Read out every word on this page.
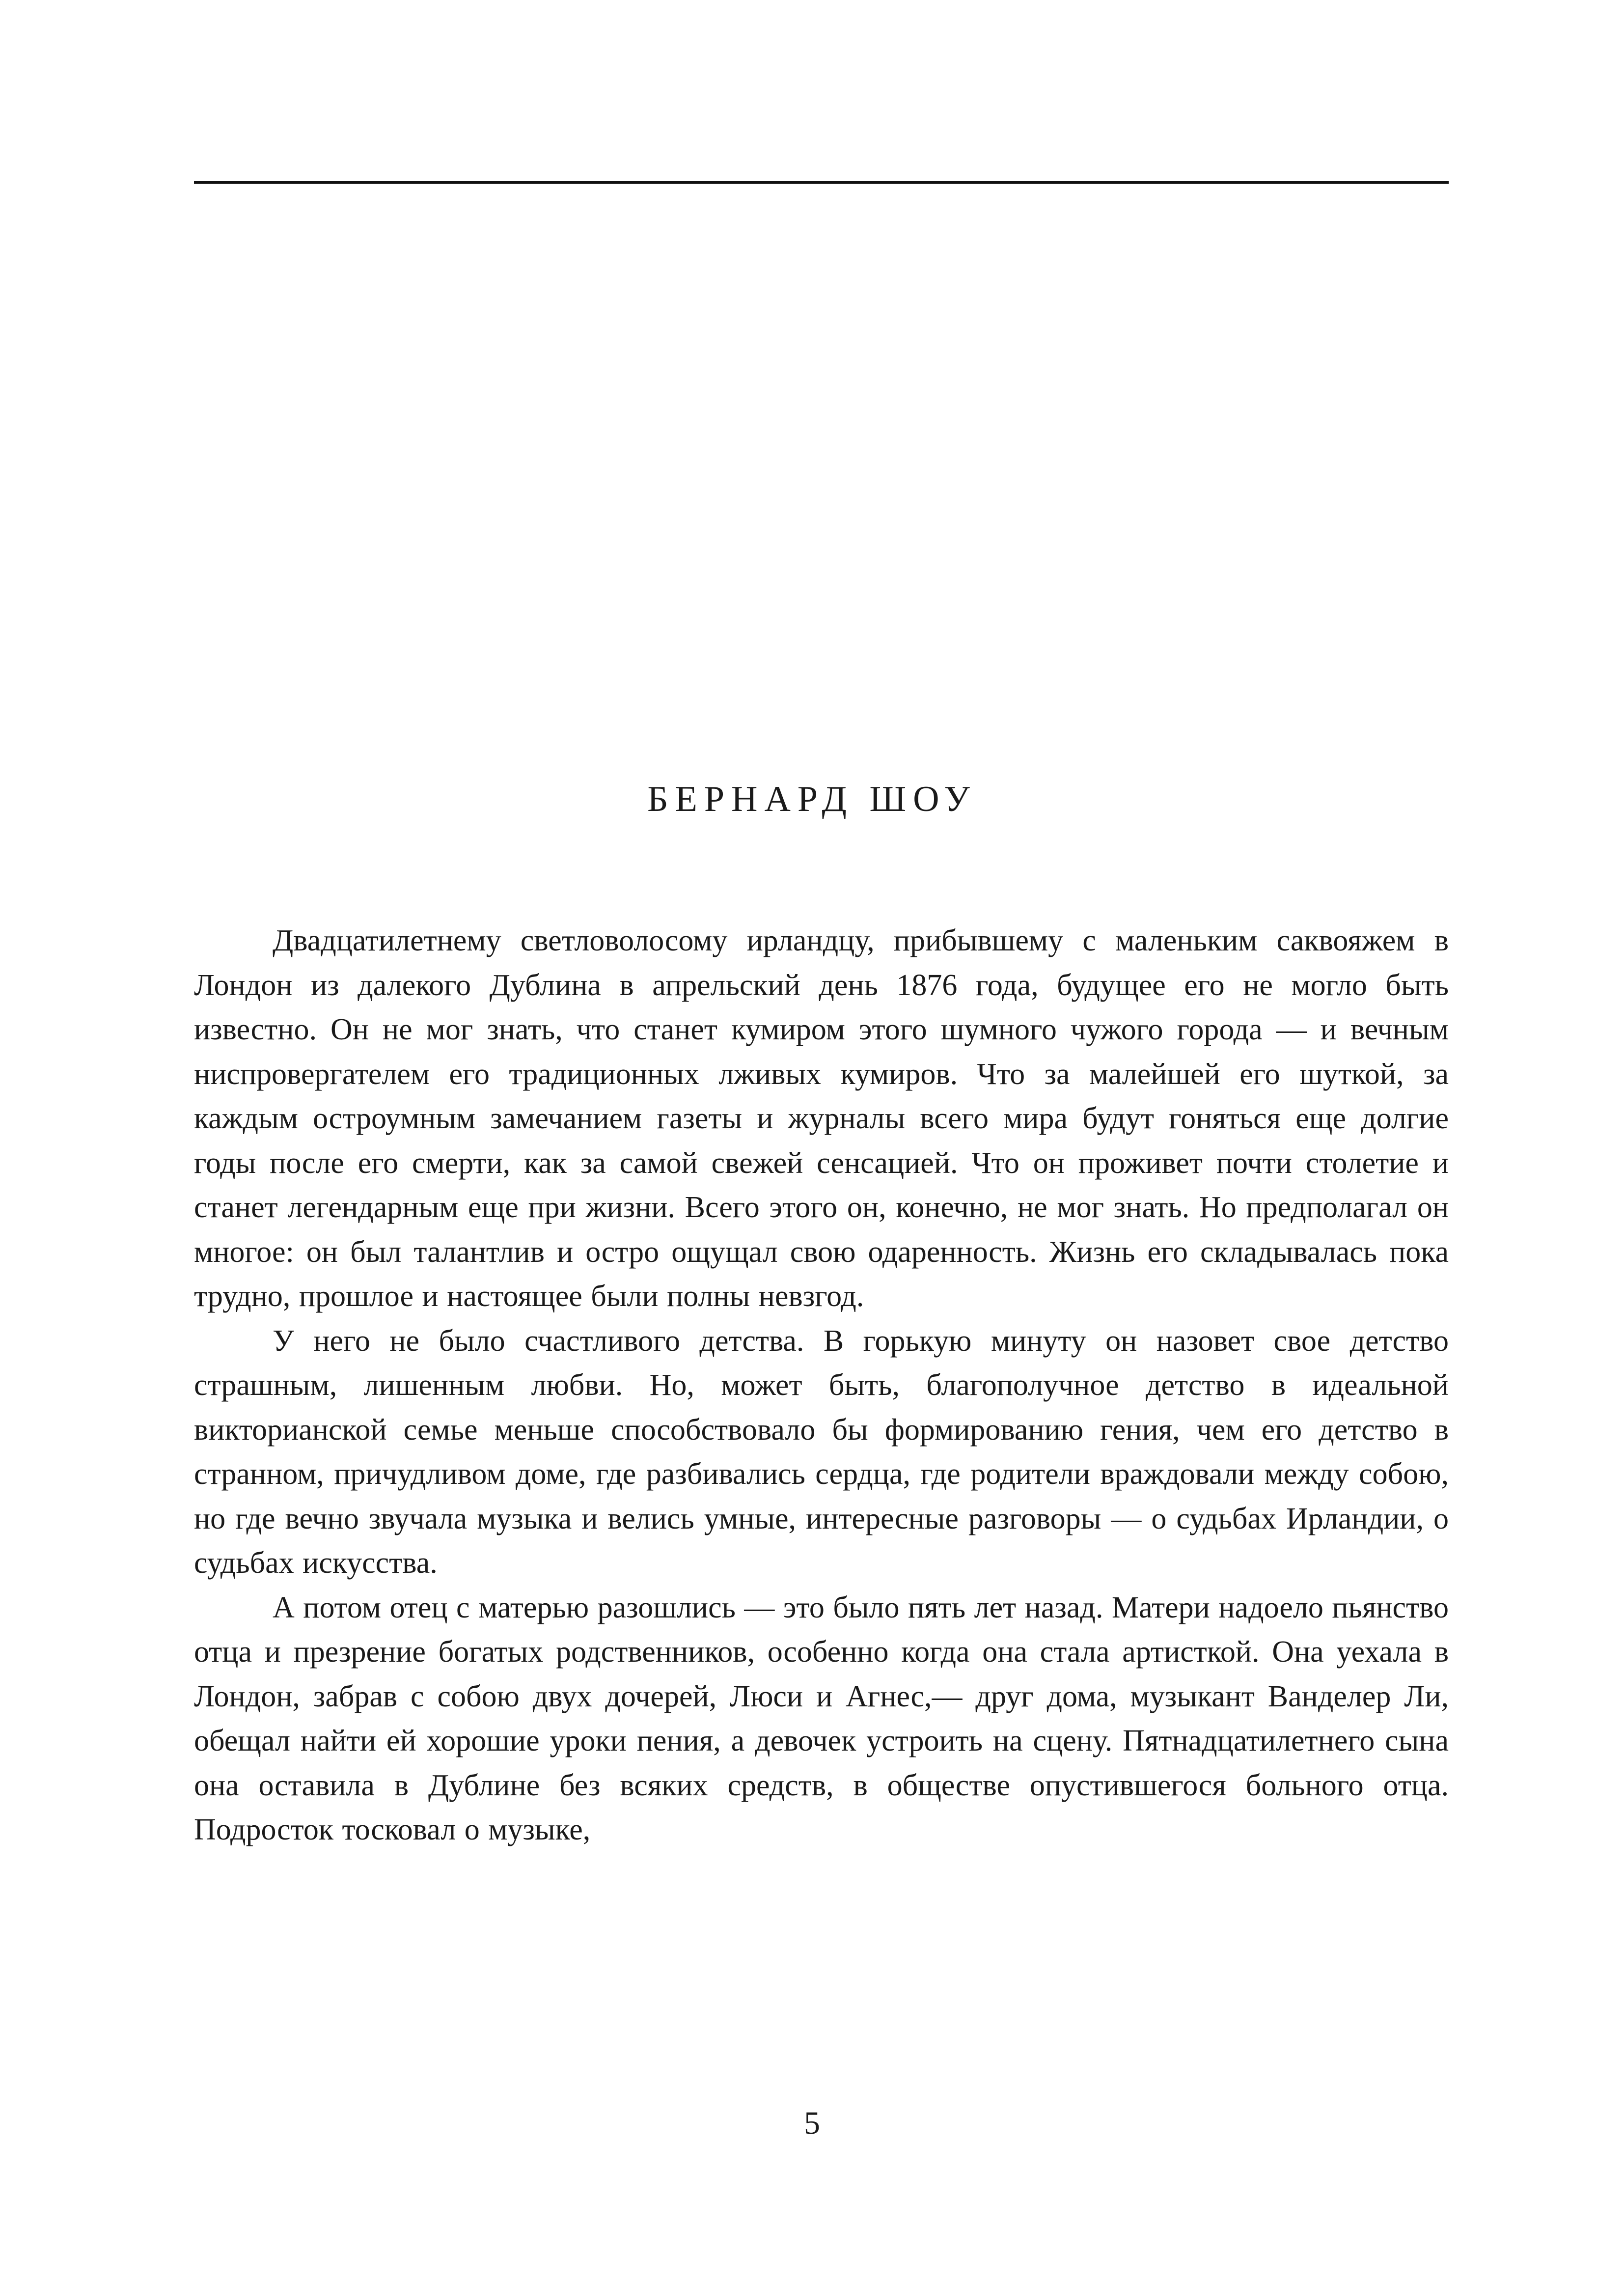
БЕРНАРД ШОУ

Двадцатилетнему светловолосому ирландцу, прибывшему с маленьким саквояжем в Лондон из далекого Дублина в апрельский день 1876 года, будущее его не могло быть известно. Он не мог знать, что станет кумиром этого шумного чужого города — и вечным ниспровергателем его традиционных лживых кумиров. Что за малейшей его шуткой, за каждым остроумным замечанием газеты и журналы всего мира будут гоняться еще долгие годы после его смерти, как за самой свежей сенсацией. Что он проживет почти столетие и станет легендарным еще при жизни. Всего этого он, конечно, не мог знать. Но предполагал он многое: он был талантлив и остро ощущал свою одаренность. Жизнь его складывалась пока трудно, прошлое и настоящее были полны невзгод.

У него не было счастливого детства. В горькую минуту он назовет свое детство страшным, лишенным любви. Но, может быть, благополучное детство в идеальной викторианской семье меньше способствовало бы формированию гения, чем его детство в странном, причудливом доме, где разбивались сердца, где родители враждовали между собою, но где вечно звучала музыка и велись умные, интересные разговоры — о судьбах Ирландии, о судьбах искусства.

А потом отец с матерью разошлись — это было пять лет назад. Матери надоело пьянство отца и презрение богатых родственников, особенно когда она стала артисткой. Она уехала в Лондон, забрав с собою двух дочерей, Люси и Агнес,— друг дома, музыкант Ванделер Ли, обещал найти ей хорошие уроки пения, а девочек устроить на сцену. Пятнадцатилетнего сына она оставила в Дублине без всяких средств, в обществе опустившегося больного отца. Подросток тосковал о музыке,

5
